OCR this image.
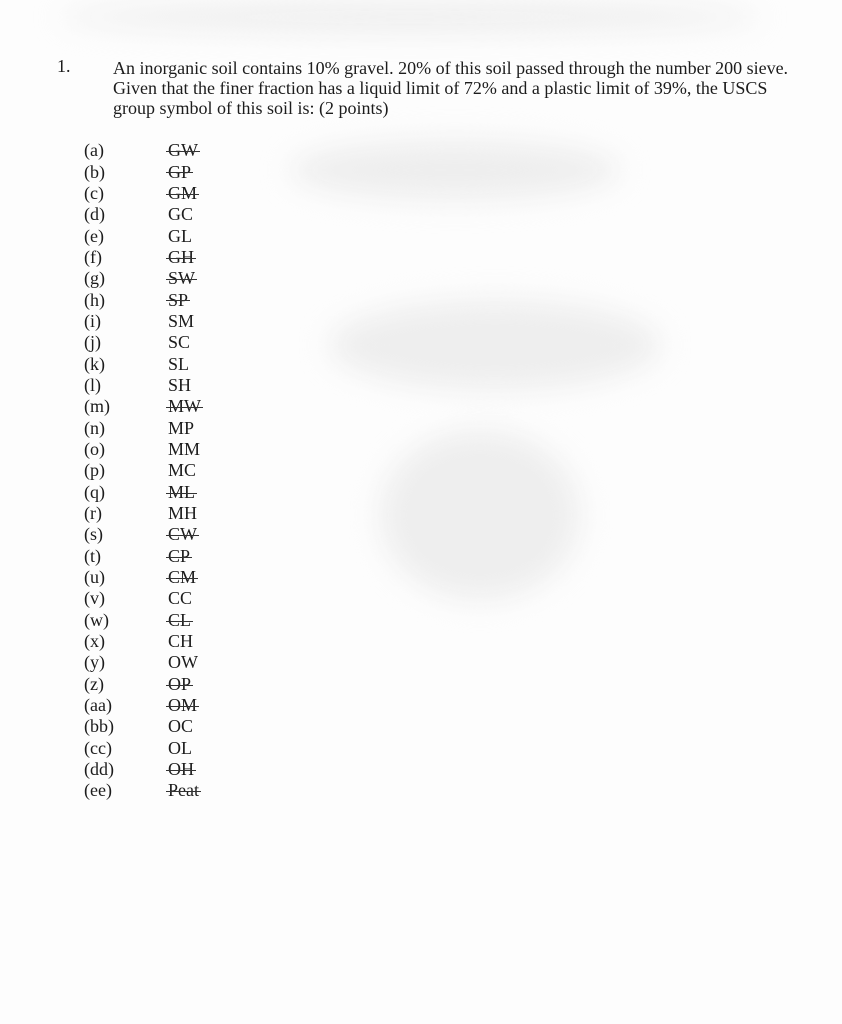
1. An inorganic soil contains 10% gravel. 20% of this soil passed through the number 200 sieve. Given that the finer fraction has a liquid limit of 72% and a plastic limit of 39%, the USCS group symbol of this soil is: (2 points)

(a)	GW
(b)	GP
(c)	GM
(d)	GC
(e)	GL
(f)	GH
(g)	SW
(h)	SP
(i)	SM
(j)	SC
(k)	SL
(l)	SH
(m)	MW
(n)	MP
(o)	MM
(p)	MC
(q)	ML
(r)	MH
(s)	CW
(t)	CP
(u)	CM
(v)	CC
(w)	CL
(x)	CH
(y)	OW
(z)	OP
(aa)	OM
(bb)	OC
(cc)	OL
(dd)	OH
(ee)	Peat
